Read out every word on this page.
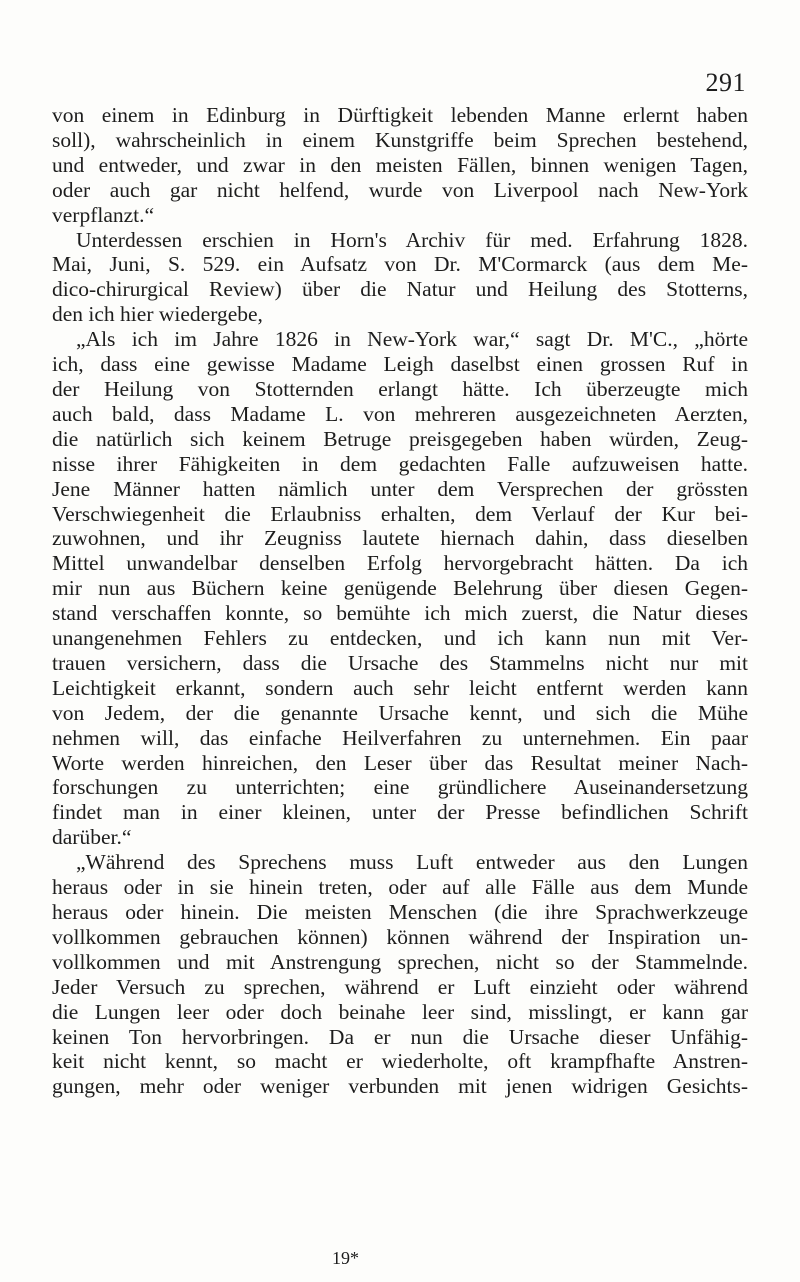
291
von einem in Edinburg in Dürftigkeit lebenden Manne erlernt haben
soll), wahrscheinlich in einem Kunstgriffe beim Sprechen bestehend,
und entweder, und zwar in den meisten Fällen, binnen wenigen Tagen,
oder auch gar nicht helfend, wurde von Liverpool nach New-York
verpflanzt.“
Unterdessen erschien in Horn's Archiv für med. Erfahrung 1828.
Mai, Juni, S. 529. ein Aufsatz von Dr. M'Cormarck (aus dem Me-
dico-chirurgical Review) über die Natur und Heilung des Stotterns,
den ich hier wiedergebe,
„Als ich im Jahre 1826 in New-York war,“ sagt Dr. M'C., „hörte
ich, dass eine gewisse Madame Leigh daselbst einen grossen Ruf in
der Heilung von Stotternden erlangt hätte. Ich überzeugte mich
auch bald, dass Madame L. von mehreren ausgezeichneten Aerzten,
die natürlich sich keinem Betruge preisgegeben haben würden, Zeug-
nisse ihrer Fähigkeiten in dem gedachten Falle aufzuweisen hatte.
Jene Männer hatten nämlich unter dem Versprechen der grössten
Verschwiegenheit die Erlaubniss erhalten, dem Verlauf der Kur bei-
zuwohnen, und ihr Zeugniss lautete hiernach dahin, dass dieselben
Mittel unwandelbar denselben Erfolg hervorgebracht hätten. Da ich
mir nun aus Büchern keine genügende Belehrung über diesen Gegen-
stand verschaffen konnte, so bemühte ich mich zuerst, die Natur dieses
unangenehmen Fehlers zu entdecken, und ich kann nun mit Ver-
trauen versichern, dass die Ursache des Stammelns nicht nur mit
Leichtigkeit erkannt, sondern auch sehr leicht entfernt werden kann
von Jedem, der die genannte Ursache kennt, und sich die Mühe
nehmen will, das einfache Heilverfahren zu unternehmen. Ein paar
Worte werden hinreichen, den Leser über das Resultat meiner Nach-
forschungen zu unterrichten; eine gründlichere Auseinandersetzung
findet man in einer kleinen, unter der Presse befindlichen Schrift
darüber.“
„Während des Sprechens muss Luft entweder aus den Lungen
heraus oder in sie hinein treten, oder auf alle Fälle aus dem Munde
heraus oder hinein. Die meisten Menschen (die ihre Sprachwerkzeuge
vollkommen gebrauchen können) können während der Inspiration un-
vollkommen und mit Anstrengung sprechen, nicht so der Stammelnde.
Jeder Versuch zu sprechen, während er Luft einzieht oder während
die Lungen leer oder doch beinahe leer sind, misslingt, er kann gar
keinen Ton hervorbringen. Da er nun die Ursache dieser Unfähig-
keit nicht kennt, so macht er wiederholte, oft krampfhafte Anstren-
gungen, mehr oder weniger verbunden mit jenen widrigen Gesichts-
19*
